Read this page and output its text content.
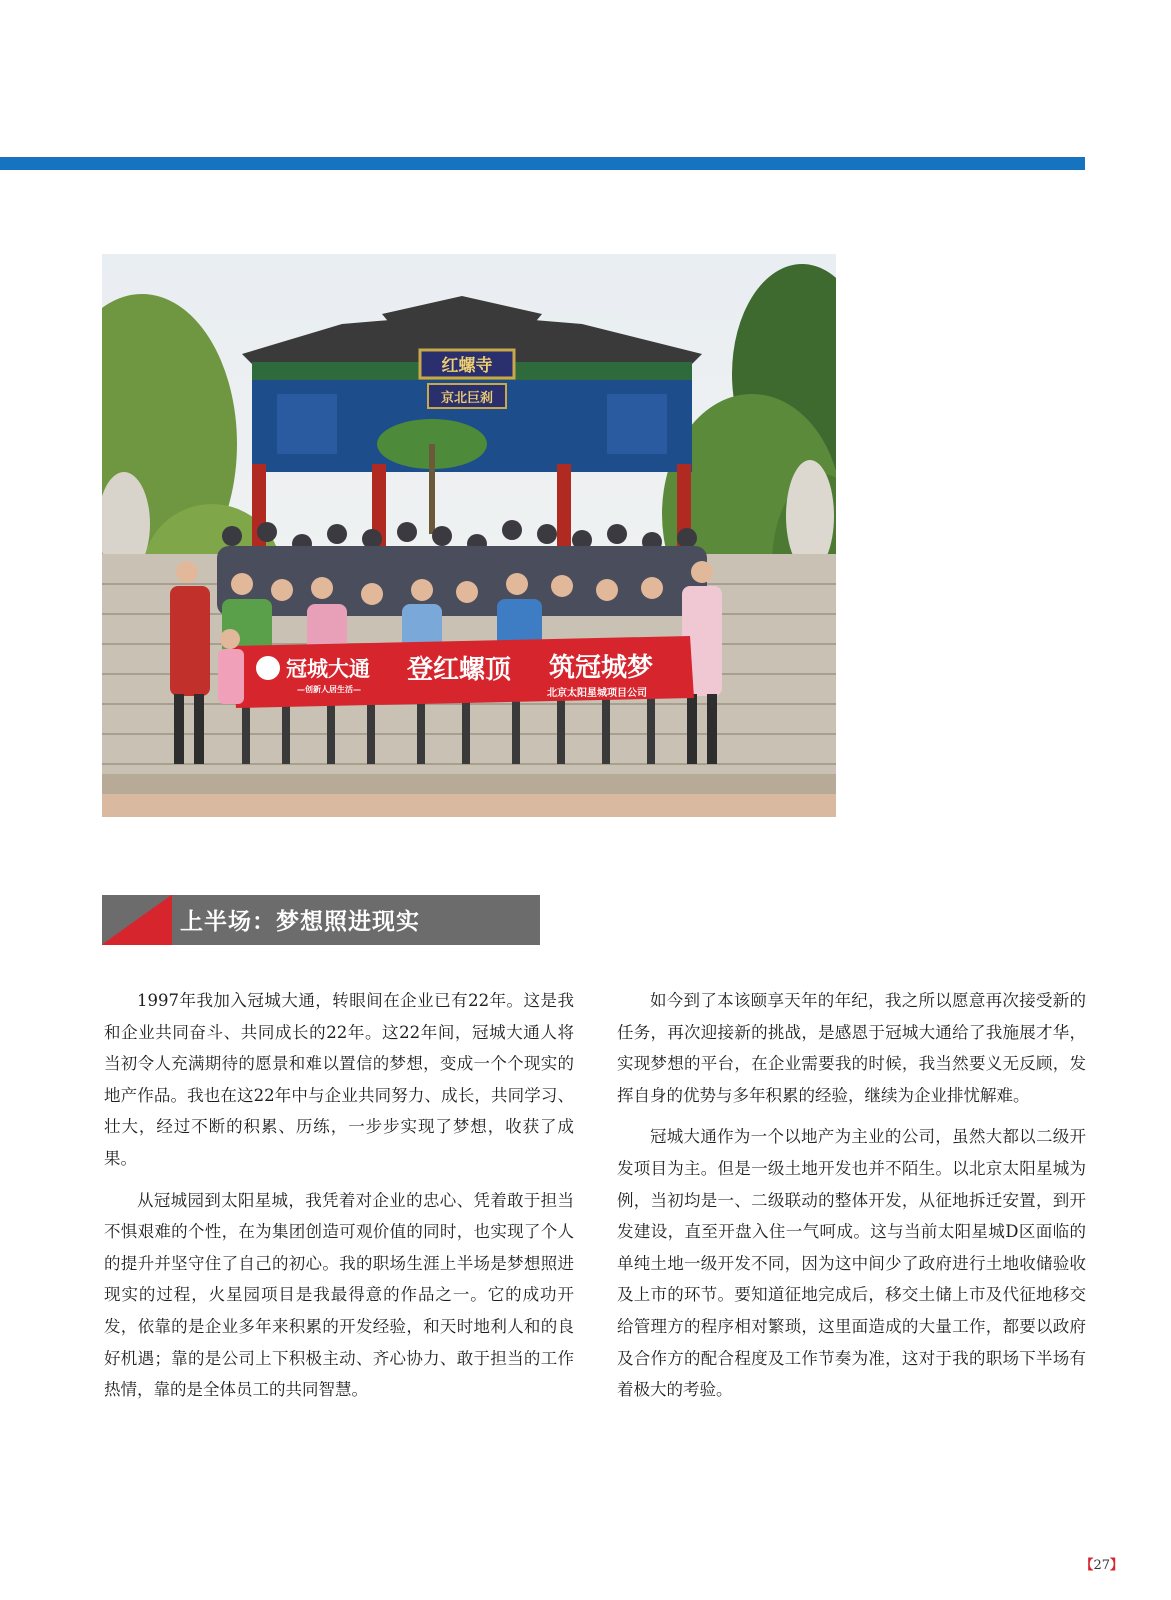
红螺寺
京北巨刹
冠城大通
—创新人居生活—
登红螺顶 筑冠城梦
北京太阳星城项目公司
上半场：梦想照进现实

1997年我加入冠城大通，转眼间在企业已有22年。这是我和企业共同奋斗、共同成长的22年。这22年间，冠城大通人将当初令人充满期待的愿景和难以置信的梦想，变成一个个现实的地产作品。我也在这22年中与企业共同努力、成长，共同学习、壮大，经过不断的积累、历练，一步步实现了梦想，收获了成果。

从冠城园到太阳星城，我凭着对企业的忠心、凭着敢于担当不惧艰难的个性，在为集团创造可观价值的同时，也实现了个人的提升并坚守住了自己的初心。我的职场生涯上半场是梦想照进现实的过程，火星园项目是我最得意的作品之一。它的成功开发，依靠的是企业多年来积累的开发经验，和天时地利人和的良好机遇；靠的是公司上下积极主动、齐心协力、敢于担当的工作热情，靠的是全体员工的共同智慧。

如今到了本该颐享天年的年纪，我之所以愿意再次接受新的任务，再次迎接新的挑战，是感恩于冠城大通给了我施展才华，实现梦想的平台，在企业需要我的时候，我当然要义无反顾，发挥自身的优势与多年积累的经验，继续为企业排忧解难。

冠城大通作为一个以地产为主业的公司，虽然大都以二级开发项目为主。但是一级土地开发也并不陌生。以北京太阳星城为例，当初均是一、二级联动的整体开发，从征地拆迁安置，到开发建设，直至开盘入住一气呵成。这与当前太阳星城D区面临的单纯土地一级开发不同，因为这中间少了政府进行土地收储验收及上市的环节。要知道征地完成后，移交土储上市及代征地移交给管理方的程序相对繁琐，这里面造成的大量工作，都要以政府及合作方的配合程度及工作节奏为准，这对于我的职场下半场有着极大的考验。

【27】
